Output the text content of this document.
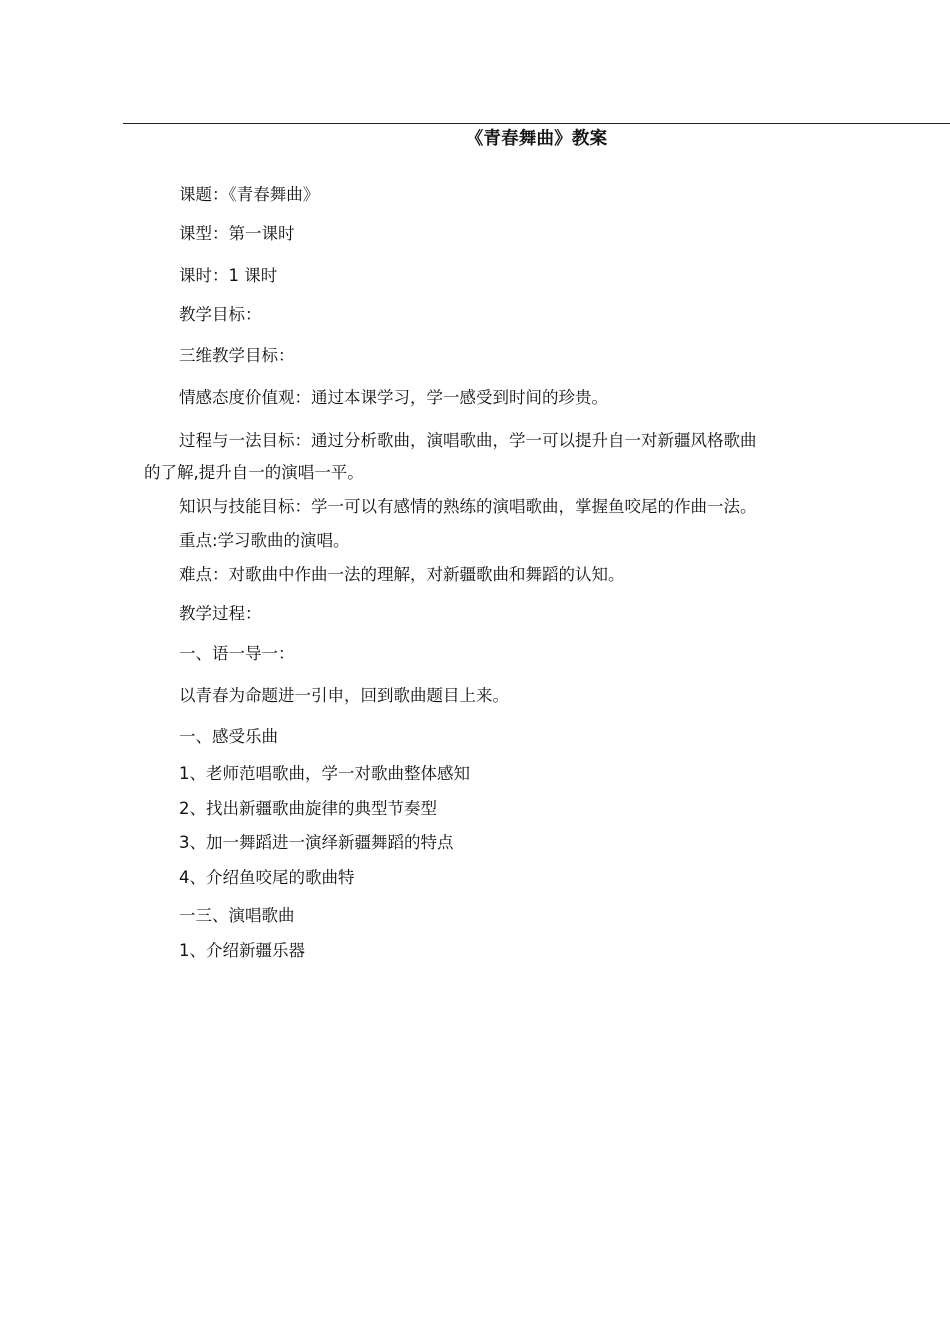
《青春舞曲》教案
课题：《青春舞曲》
课型：第一课时
课时：1 课时
教学目标：
三维教学目标：
情感态度价值观：通过本课学习，学一感受到时间的珍贵。
过程与一法目标：通过分析歌曲，演唱歌曲，学一可以提升自一对新疆风格歌曲
的了解,提升自一的演唱一平。
知识与技能目标：学一可以有感情的熟练的演唱歌曲，掌握鱼咬尾的作曲一法。
重点:学习歌曲的演唱。
难点：对歌曲中作曲一法的理解，对新疆歌曲和舞蹈的认知。
教学过程：
一、语一导一：
以青春为命题进一引申，回到歌曲题目上来。
一、感受乐曲
1、老师范唱歌曲，学一对歌曲整体感知
2、找出新疆歌曲旋律的典型节奏型
3、加一舞蹈进一演绎新疆舞蹈的特点
4、介绍鱼咬尾的歌曲特
一三、演唱歌曲
1、介绍新疆乐器
